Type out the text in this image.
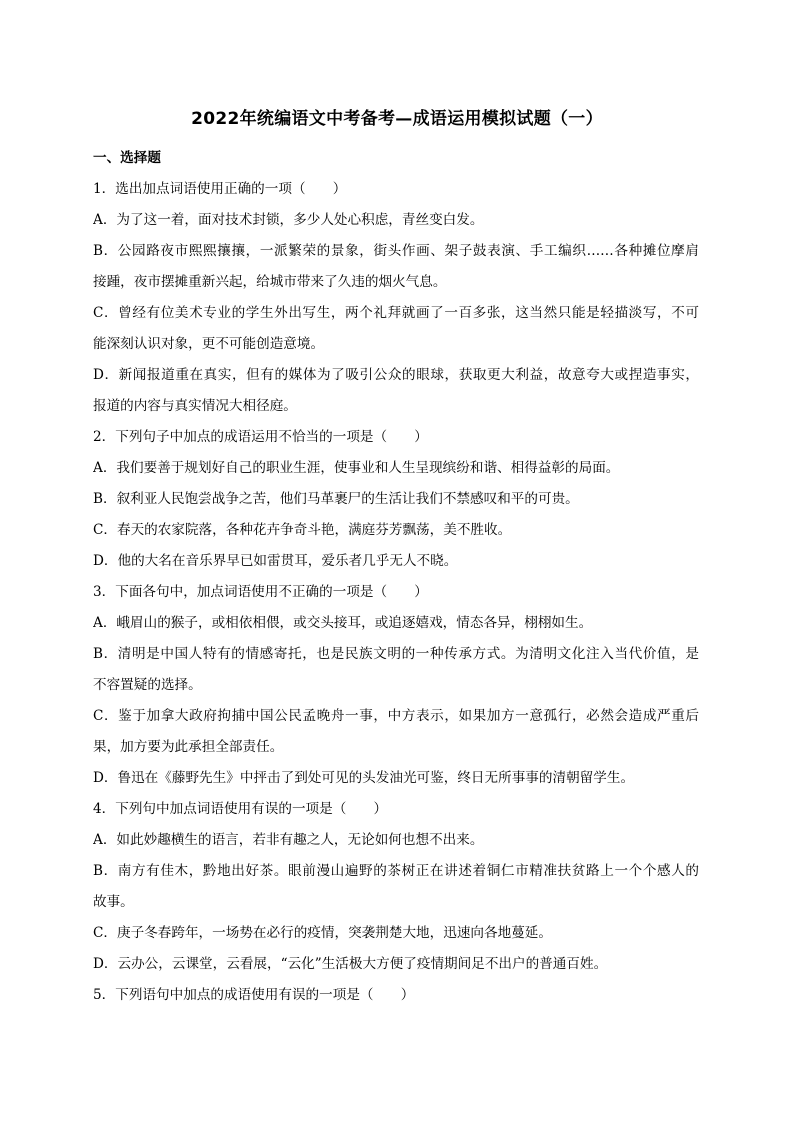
2022年统编语文中考备考—成语运用模拟试题（一）
一、选择题
1．选出加点词语使用正确的一项（　　）
A．为了这一着，面对技术封锁，多少人处心积虑，青丝变白发。
B．公园路夜市熙熙攘攘，一派繁荣的景象，街头作画、架子鼓表演、手工编织……各种摊位摩肩
接踵，夜市摆摊重新兴起，给城市带来了久违的烟火气息。
C．曾经有位美术专业的学生外出写生，两个礼拜就画了一百多张，这当然只能是轻描淡写，不可
能深刻认识对象，更不可能创造意境。
D．新闻报道重在真实，但有的媒体为了吸引公众的眼球，获取更大利益，故意夸大或捏造事实，
报道的内容与真实情况大相径庭。
2．下列句子中加点的成语运用不恰当的一项是（　　）
A．我们要善于规划好自己的职业生涯，使事业和人生呈现缤纷和谐、相得益彰的局面。
B．叙利亚人民饱尝战争之苦，他们马革裹尸的生活让我们不禁感叹和平的可贵。
C．春天的农家院落，各种花卉争奇斗艳，满庭芬芳飘荡，美不胜收。
D．他的大名在音乐界早已如雷贯耳，爱乐者几乎无人不晓。
3．下面各句中，加点词语使用不正确的一项是（　　）
A．峨眉山的猴子，或相依相偎，或交头接耳，或追逐嬉戏，情态各异，栩栩如生。
B．清明是中国人特有的情感寄托，也是民族文明的一种传承方式。为清明文化注入当代价值，是
不容置疑的选择。
C．鉴于加拿大政府拘捕中国公民孟晚舟一事，中方表示，如果加方一意孤行，必然会造成严重后
果，加方要为此承担全部责任。
D．鲁迅在《藤野先生》中抨击了到处可见的头发油光可鉴，终日无所事事的清朝留学生。
4．下列句中加点词语使用有误的一项是（　　）
A．如此妙趣横生的语言，若非有趣之人，无论如何也想不出来。
B．南方有佳木，黔地出好茶。眼前漫山遍野的茶树正在讲述着铜仁市精准扶贫路上一个个感人的
故事。
C．庚子冬春跨年，一场势在必行的疫情，突袭荆楚大地，迅速向各地蔓延。
D．云办公，云课堂，云看展，“云化”生活极大方便了疫情期间足不出户的普通百姓。
5．下列语句中加点的成语使用有误的一项是（　　）
